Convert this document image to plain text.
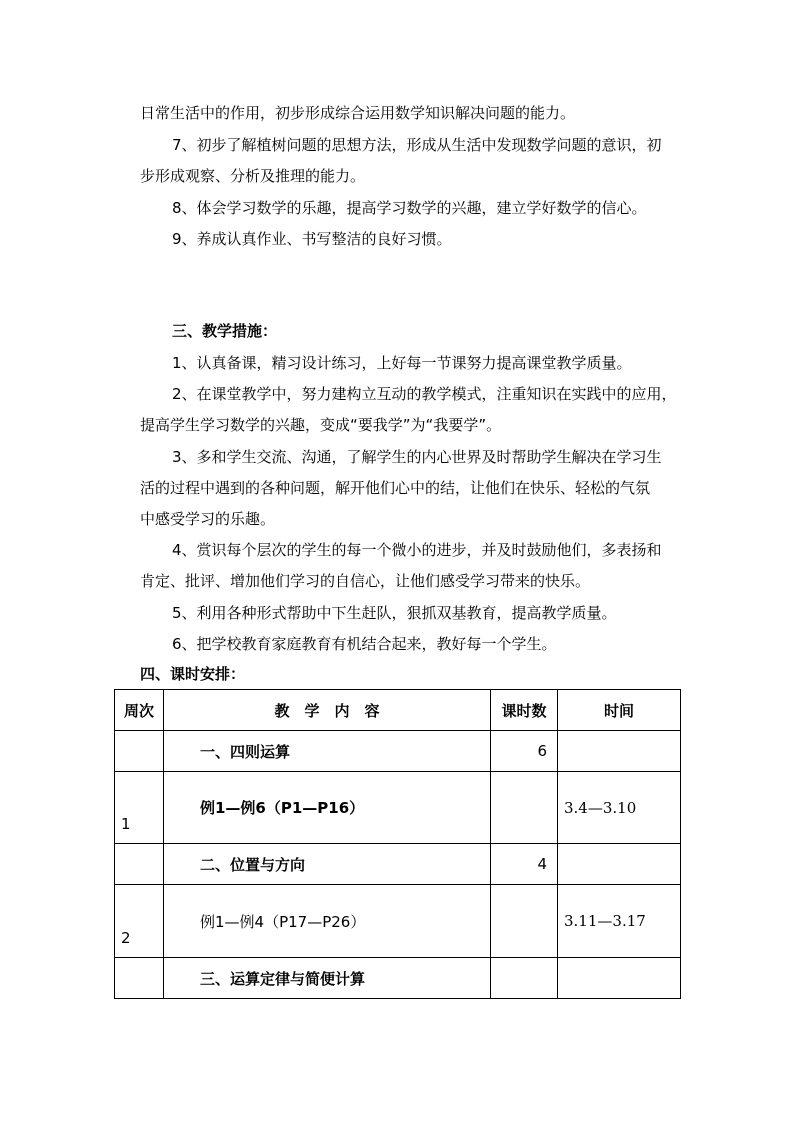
日常生活中的作用，初步形成综合运用数学知识解决问题的能力。
7、初步了解植树问题的思想方法，形成从生活中发现数学问题的意识，初
步形成观察、分析及推理的能力。
8、体会学习数学的乐趣，提高学习数学的兴趣，建立学好数学的信心。
9、养成认真作业、书写整洁的良好习惯。
三、教学措施：
1、认真备课，精习设计练习，上好每一节课努力提高课堂教学质量。
2、在课堂教学中，努力建构立互动的教学模式，注重知识在实践中的应用，
提高学生学习数学的兴趣，变成“要我学”为“我要学”。
3、多和学生交流、沟通，了解学生的内心世界及时帮助学生解决在学习生
活的过程中遇到的各种问题，解开他们心中的结，让他们在快乐、轻松的气氛
中感受学习的乐趣。
4、赏识每个层次的学生的每一个微小的进步，并及时鼓励他们，多表扬和
肯定、批评、增加他们学习的自信心，让他们感受学习带来的快乐。
5、利用各种形式帮助中下生赶队，狠抓双基教育，提高教学质量。
6、把学校教育家庭教育有机结合起来，教好每一个学生。
四、课时安排：
周次	教　学　内　容	课时数	时间
	一、四则运算	6	
1	例1—例6（P1—P16）		3.4—3.10
	二、位置与方向	4	
2	例1—例4（P17—P26）		3.11—3.17
	三、运算定律与简便计算		
